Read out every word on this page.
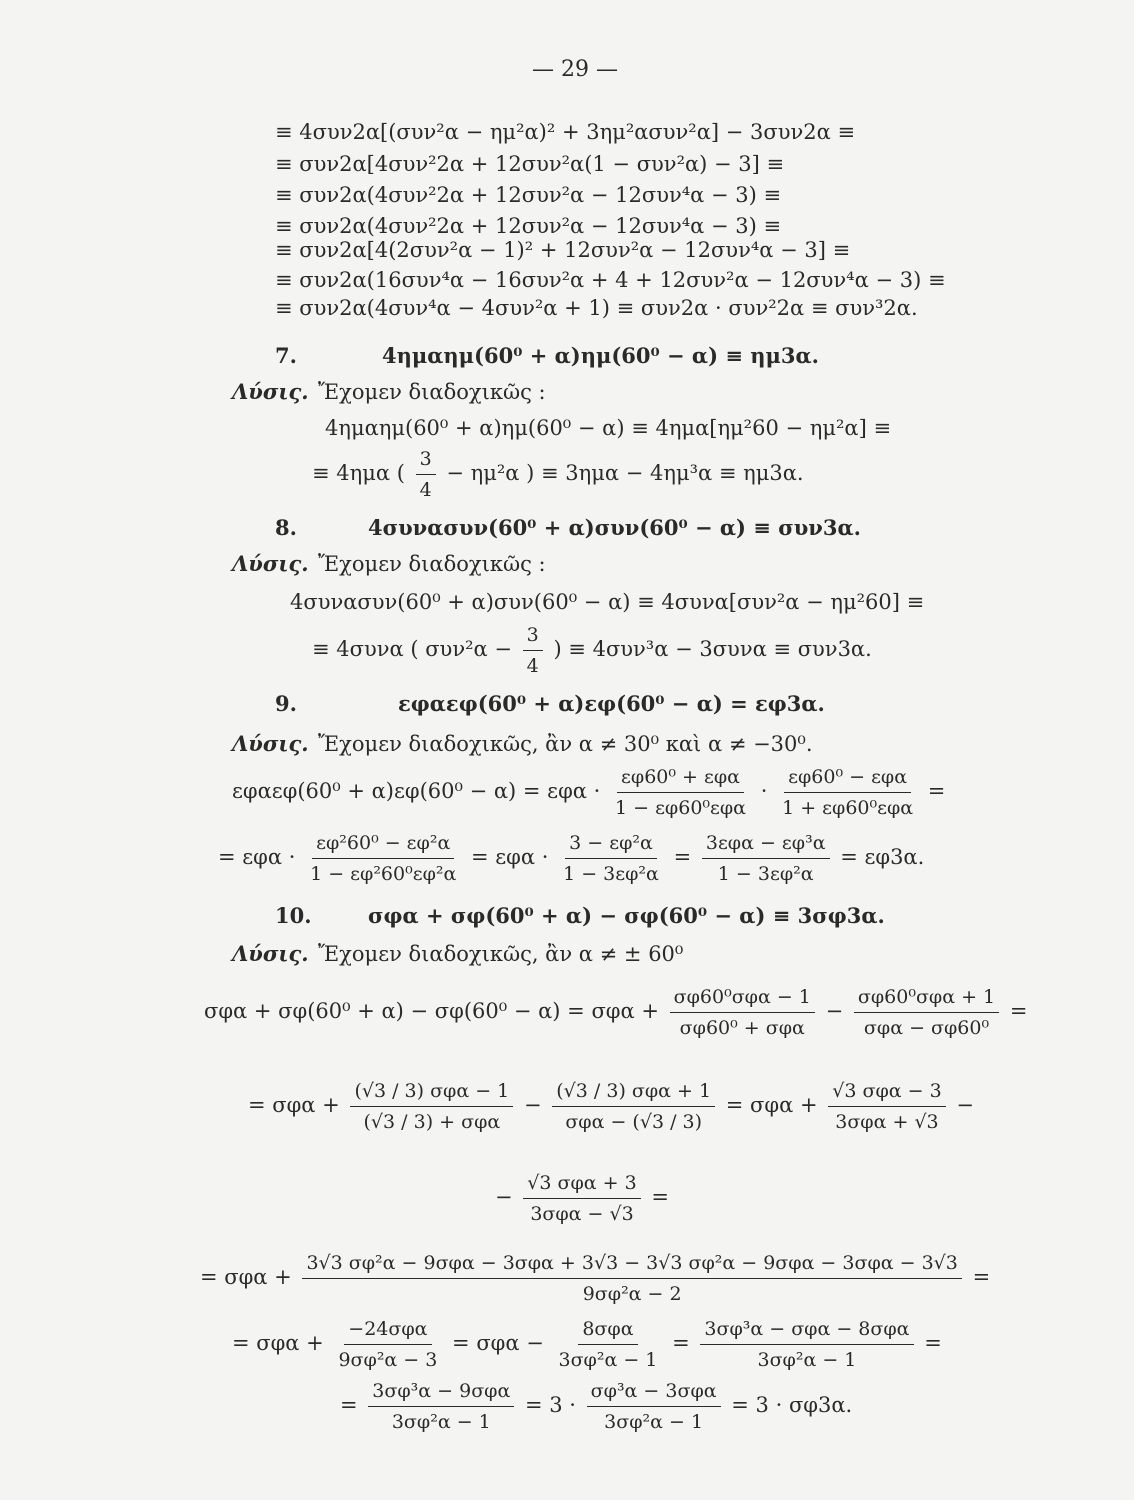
— 29 —
≡ 4συν2α[(συν²α − ημ²α)² + 3ημ²ασυν²α] − 3συν2α ≡
≡ συν2α[4συν²2α + 12συν²α(1 − συν²α) − 3] ≡
≡ συν2α(4συν²2α + 12συν²α − 12συν⁴α − 3) ≡
≡ συν2α(4συν²2α + 12συν²α − 12συν⁴α − 3) ≡
≡ συν2α[4(2συν²α − 1)² + 12συν²α − 12συν⁴α − 3] ≡
≡ συν2α(16συν⁴α − 16συν²α + 4 + 12συν²α − 12συν⁴α − 3) ≡
≡ συν2α(4συν⁴α − 4συν²α + 1) ≡ συν2α · συν²2α ≡ συν³2α.
7.	4ημαημ(60⁰ + α)ημ(60⁰ − α) ≡ ημ3α.
Λύσις. Ἔχομεν διαδοχικῶς :
4ημαημ(60⁰ + α)ημ(60⁰ − α) ≡ 4ημα[ημ²60 − ημ²α] ≡
≡ 4ημα ( $\frac{3}{4} - \eta\mu^2\alpha$ ) ≡ 3ημα − 4ημ³α ≡ ημ3α.
8.	4συνασυν(60⁰ + α)συν(60⁰ − α) ≡ συν3α.
Λύσις. Ἔχομεν διαδοχικῶς :
4συνασυν(60⁰ + α)συν(60⁰ − α) ≡ 4συνα[συν²α − ημ²60] ≡
≡ 4συνα ( $\sigma\upsilon\nu^2\alpha - \frac{3}{4}$ ) ≡ 4συν³α − 3συνα ≡ συν3α.
9.	εφαεφ(60⁰ + α)εφ(60⁰ − α) = εφ3α.
Λύσις. Ἔχομεν διαδοχικῶς, ἂν α ≠ 30⁰ καὶ α ≠ −30⁰.
$\varepsilon\varphi\alpha\varepsilon\varphi(60^0 + \alpha)\varepsilon\varphi(60^0 - \alpha) = \varepsilon\varphi\alpha \cdot \frac{\text{εφ60⁰ + εφα}}{\text{1 − εφ60⁰εφα}} \cdot \frac{\text{εφ60⁰ − εφα}}{\text{1 + εφ60⁰εφα}}$ =
= $\varepsilon\varphi\alpha \cdot \frac{\text{εφ²60⁰ − εφ²α}}{\text{1 − εφ²60⁰εφ²α}} = \varepsilon\varphi\alpha \cdot \frac{\text{3 − εφ²α}}{\text{1 − 3εφ²α}} = \frac{\text{3εφα − εφ³α}}{\text{1 − 3εφ²α}} = \varepsilon\varphi 3\alpha$.
10.	σφα + σφ(60⁰ + α) − σφ(60⁰ − α) ≡ 3σφ3α.
Λύσις. Ἔχομεν διαδοχικῶς, ἂν α ≠ ± 60⁰
$\sigma\varphi\alpha + \sigma\varphi(60^0 + \alpha) - \sigma\varphi(60^0 - \alpha) = \sigma\varphi\alpha + \frac{\text{σφ60⁰σφα − 1}}{\text{σφ60⁰ + σφα}} - \frac{\text{σφ60⁰σφα + 1}}{\text{σφα − σφ60⁰}}$ =
= $\sigma\varphi\alpha + \frac{\text{(√3 / 3) σφα − 1}}{\text{(√3 / 3) + σφα}} - \frac{\text{(√3 / 3) σφα + 1}}{\text{σφα − (√3 / 3)}} = \sigma\varphi\alpha + \frac{\text{√3 σφα − 3}}{\text{3σφα + √3}}$ −
− $\frac{\text{√3 σφα + 3}}{\text{3σφα − √3}}$ =
= $\sigma\varphi\alpha + \frac{\text{3√3 σφ²α − 9σφα − 3σφα + 3√3 − 3√3 σφ²α − 9σφα − 3σφα − 3√3}}{\text{9σφ²α − 2}}$ =
= $\sigma\varphi\alpha + \frac{\text{−24σφα}}{\text{9σφ²α − 3}} = \sigma\varphi\alpha - \frac{\text{8σφα}}{\text{3σφ²α − 1}} = \frac{\text{3σφ³α − σφα − 8σφα}}{\text{3σφ²α − 1}}$ =
= $\frac{\text{3σφ³α − 9σφα}}{\text{3σφ²α − 1}} = 3 \cdot \frac{\text{σφ³α − 3σφα}}{\text{3σφ²α − 1}} = 3 \cdot \sigma\varphi 3\alpha$.
